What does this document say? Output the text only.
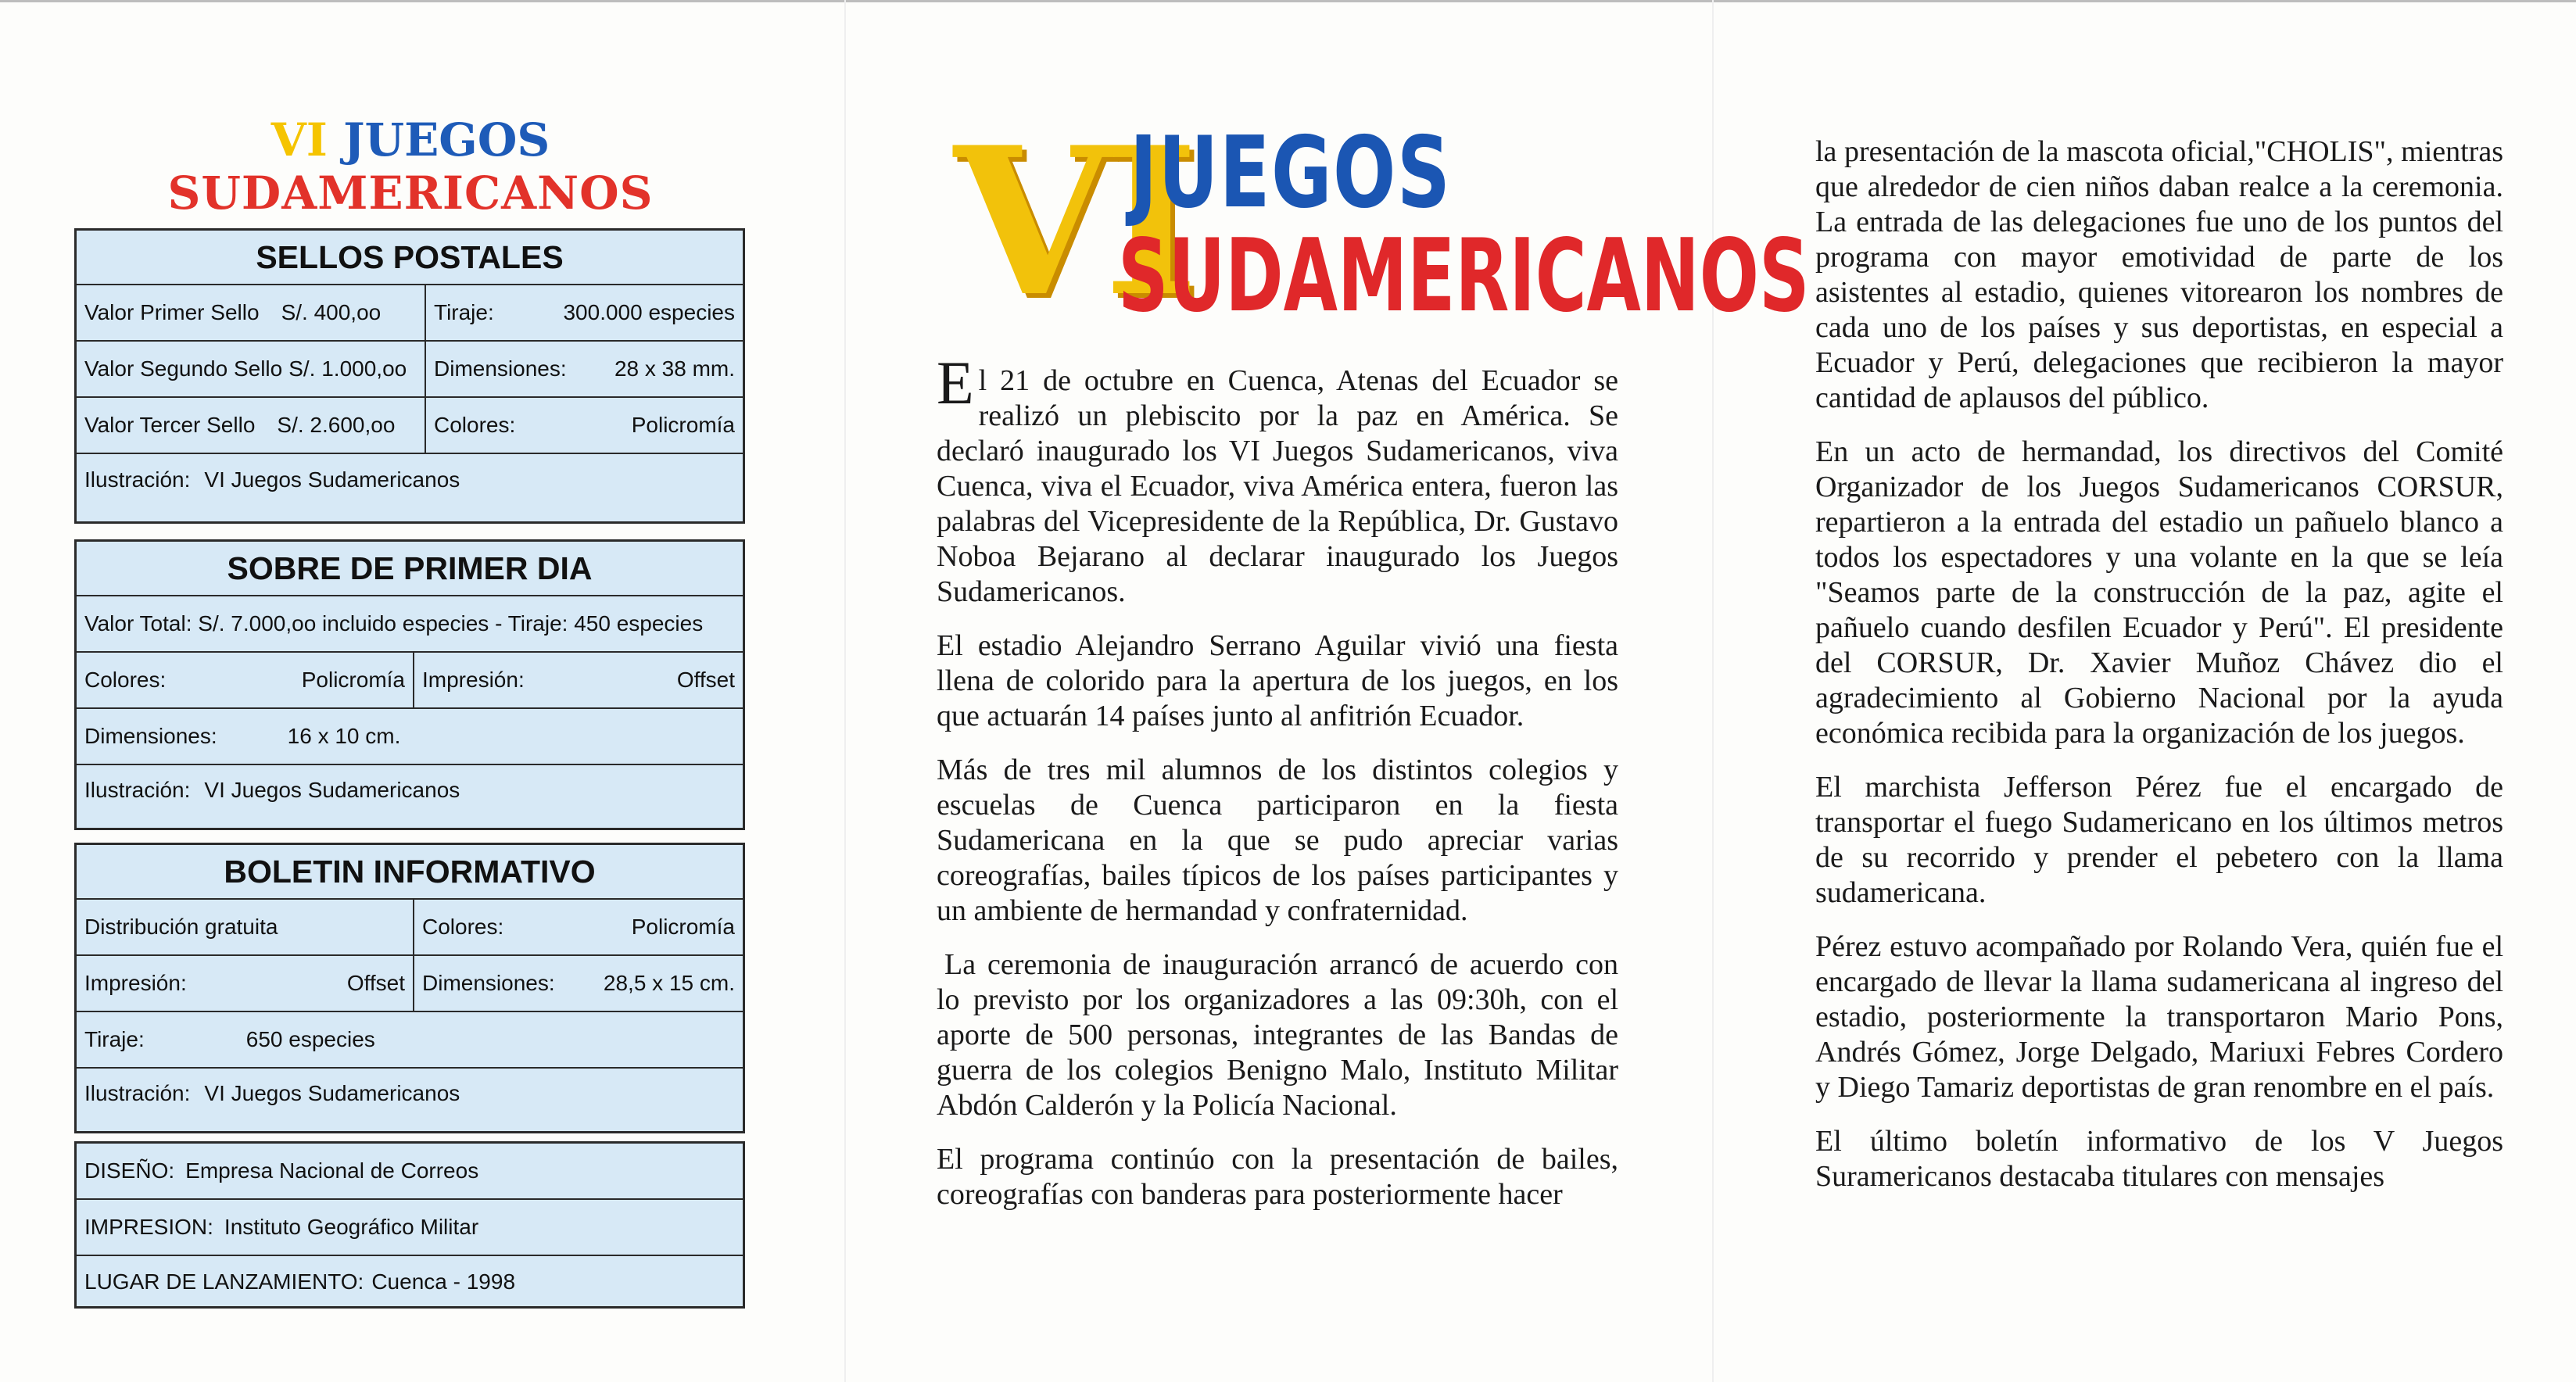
VI JUEGOS
SUDAMERICANOS
SELLOS POSTALES
Valor Primer Sello S/. 400,oo Tiraje:	300.000 especies
Valor Segundo Sello S/. 1.000,oo Dimensiones: 28 x 38 mm.
Valor Tercer Sello S/. 2.600,oo Colores:	Policromía
Ilustración: VI Juegos Sudamericanos
SOBRE DE PRIMER DIA
Valor Total: S/. 7.000,oo incluido especies - Tiraje: 450 especies
Colores:	Policromía Impresión:	Offset
Dimensiones:	16 x 10 cm.
Ilustración: VI Juegos Sudamericanos
BOLETIN INFORMATIVO
Distribución gratuita	Colores:	Policromía
Impresión:	Offset Dimensiones: 28,5 x 15 cm.
Tiraje:	650 especies
Ilustración: VI Juegos Sudamericanos
DISEÑO: Empresa Nacional de Correos
IMPRESION: Instituto Geográfico Militar
LUGAR DE LANZAMIENTO: Cuenca - 1998
VI
JUEGOS
SUDAMERICANOS

El 21 de octubre en Cuenca, Atenas del Ecuador se realizó un plebiscito por la paz en América. Se declaró inaugurado los VI Juegos Sudamericanos, viva Cuenca, viva el Ecuador, viva América entera, fueron las palabras del Vicepresidente de la República, Dr. Gustavo Noboa Bejarano al declarar inaugurado los Juegos Sudamericanos.

El estadio Alejandro Serrano Aguilar vivió una fiesta llena de colorido para la apertura de los juegos, en los que actuarán 14 países junto al anfitrión Ecuador.

Más de tres mil alumnos de los distintos colegios y escuelas de Cuenca participaron en la fiesta Sudamericana en la que se pudo apreciar varias coreografías, bailes típicos de los países participantes y un ambiente de hermandad y confraternidad.

La ceremonia de inauguración arrancó de acuerdo con lo previsto por los organizadores a las 09:30h, con el aporte de 500 personas, integrantes de las Bandas de guerra de los colegios Benigno Malo, Instituto Militar Abdón Calderón y la Policía Nacional.

El programa continúo con la presentación de bailes, coreografías con banderas para posteriormente hacer

la presentación de la mascota oficial,"CHOLIS", mientras que alrededor de cien niños daban realce a la ceremonia. La entrada de las delegaciones fue uno de los puntos del programa con mayor emotividad de parte de los asistentes al estadio, quienes vitorearon los nombres de cada uno de los países y sus deportistas, en especial a Ecuador y Perú, delegaciones que recibieron la mayor cantidad de aplausos del público.

En un acto de hermandad, los directivos del Comité Organizador de los Juegos Sudamericanos CORSUR, repartieron a la entrada del estadio un pañuelo blanco a todos los espectadores y una volante en la que se leía "Seamos parte de la construcción de la paz, agite el pañuelo cuando desfilen Ecuador y Perú". El presidente del CORSUR, Dr. Xavier Muñoz Chávez dio el agradecimiento al Gobierno Nacional por la ayuda económica recibida para la organización de los juegos.

El marchista Jefferson Pérez fue el encargado de transportar el fuego Sudamericano en los últimos metros de su recorrido y prender el pebetero con la llama sudamericana.

Pérez estuvo acompañado por Rolando Vera, quién fue el encargado de llevar la llama sudamericana al ingreso del estadio, posteriormente la transportaron Mario Pons, Andrés Gómez, Jorge Delgado, Mariuxi Febres Cordero y Diego Tamariz deportistas de gran renombre en el país.

El último boletín informativo de los V Juegos Suramericanos destacaba titulares con mensajes
